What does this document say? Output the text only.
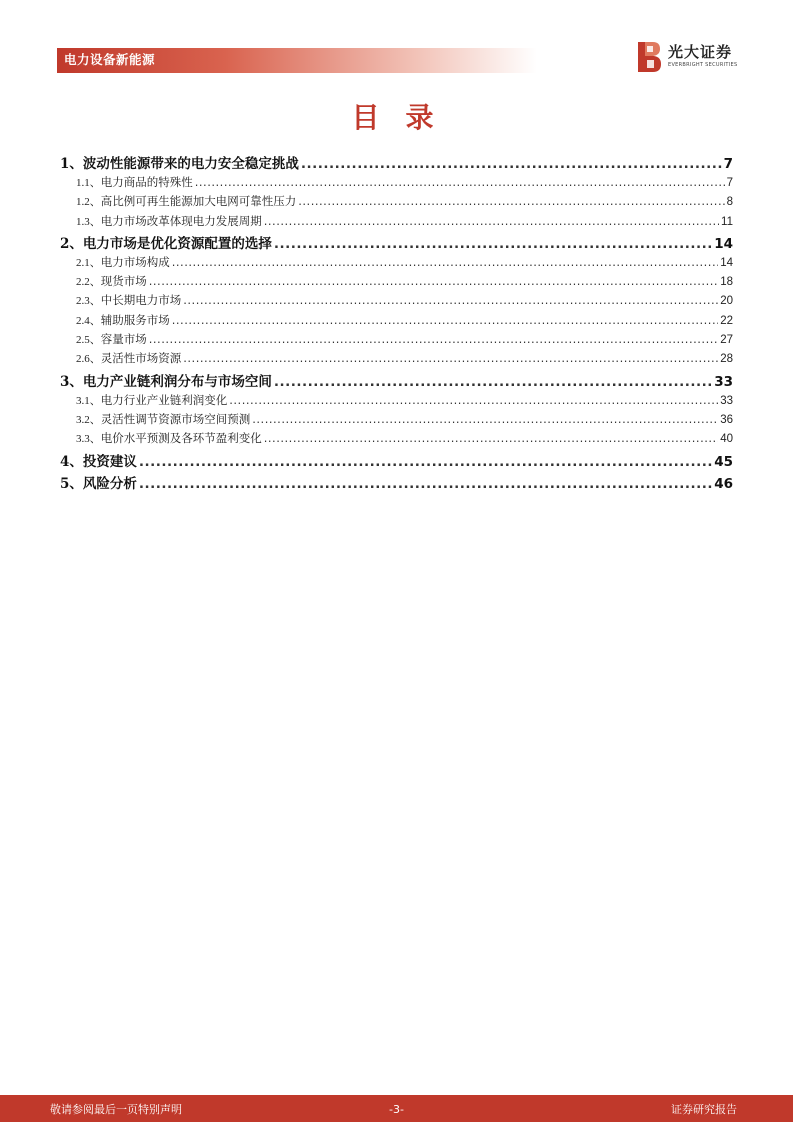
电力设备新能源	光大证券
EVERBRIGHT SECURITIES
目录
1、 波动性能源带来的电力安全稳定挑战 .....	7
1.1、 电力商品的特殊性 .....	7
1.2、 高比例可再生能源加大电网可靠性压力 .....	8
1.3、 电力市场改革体现电力发展周期 .....	11
2、 电力市场是优化资源配置的选择 .....	14
2.1、 电力市场构成 .....	14
2.2、 现货市场 .....	18
2.3、 中长期电力市场 .....	20
2.4、 辅助服务市场 .....	22
2.5、 容量市场 .....	27
2.6、 灵活性市场资源 .....	28
3、 电力产业链利润分布与市场空间 .....	33
3.1、 电力行业产业链利润变化 .....	33
3.2、 灵活性调节资源市场空间预测 .....	36
3.3、 电价水平预测及各环节盈利变化 .....	40
4、 投资建议 .....	45
5、 风险分析 .....	46
敬请参阅最后一页特别声明	-3-	证券研究报告
